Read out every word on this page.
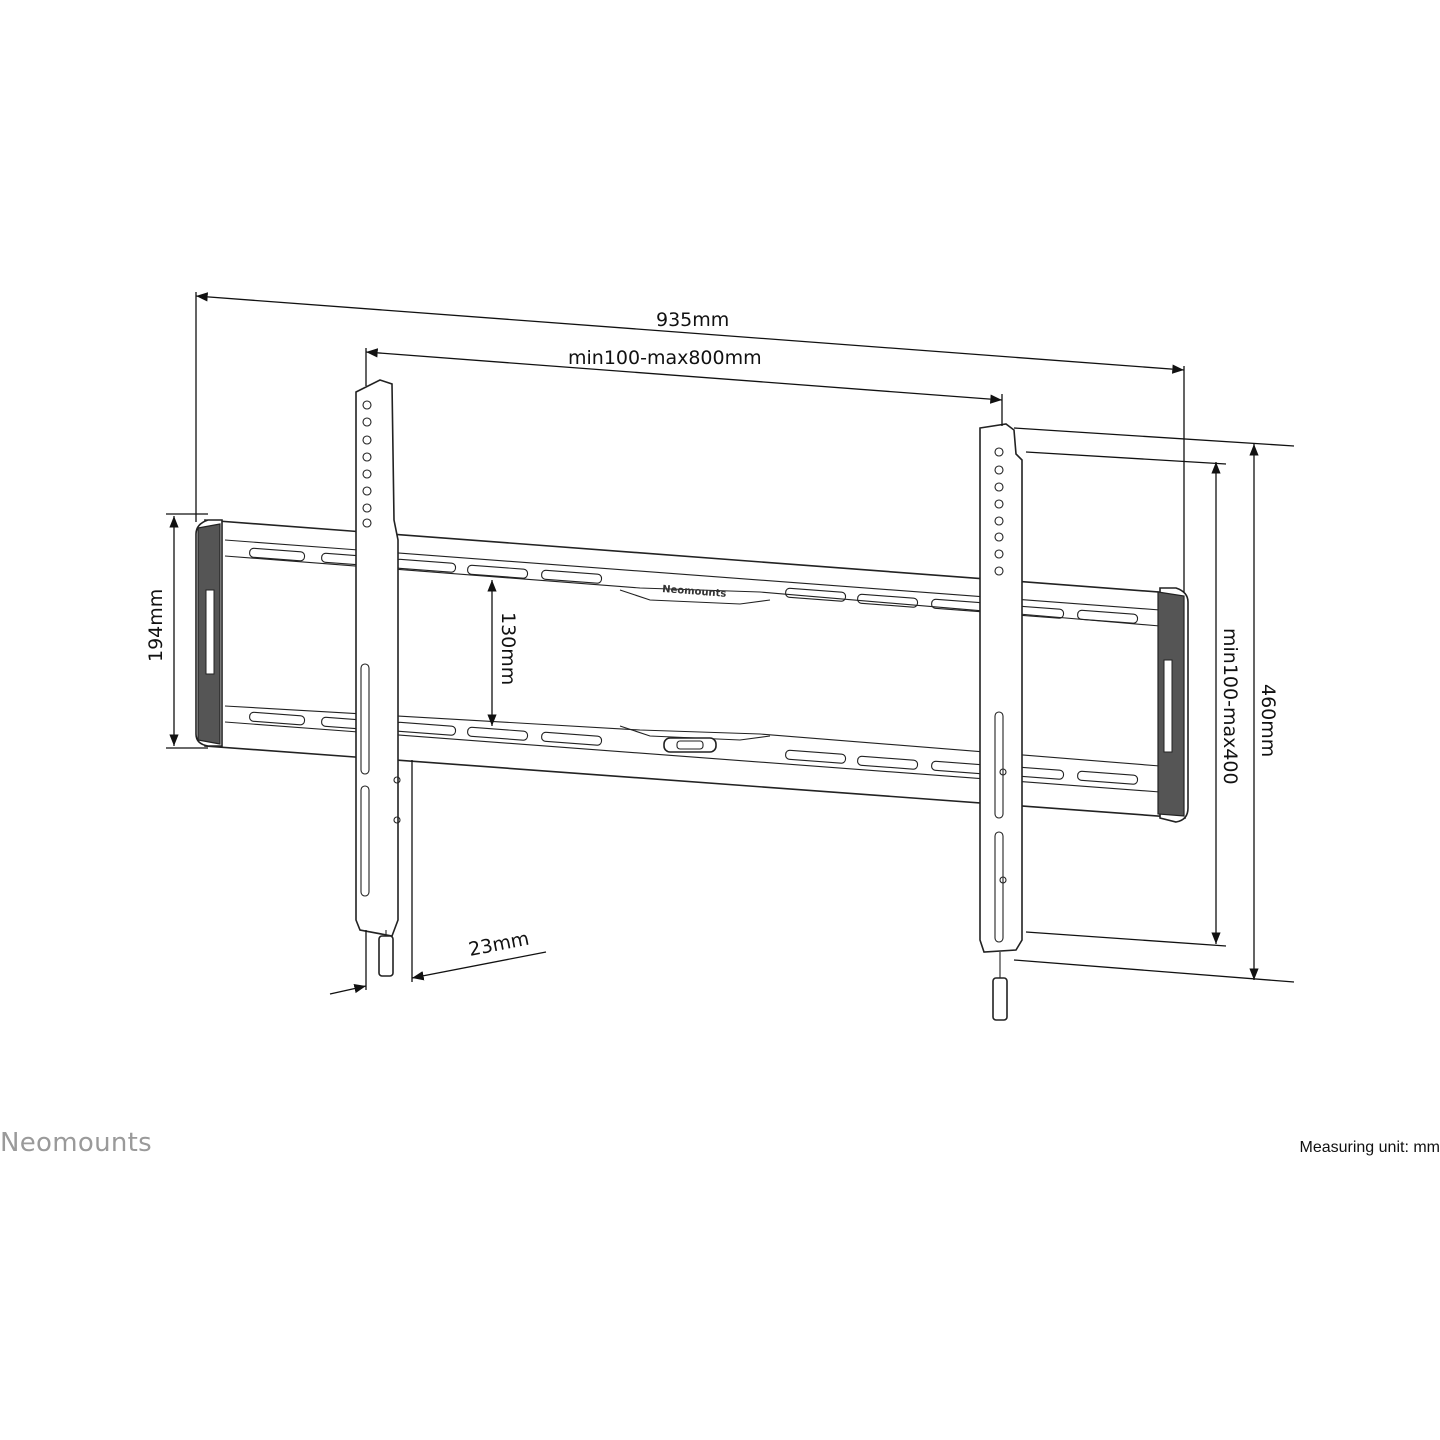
Neomounts
935mm
min100-max800mm
194mm	130mm	min100-max400 460mm
23mm
Neomounts	Measuring unit: mm
